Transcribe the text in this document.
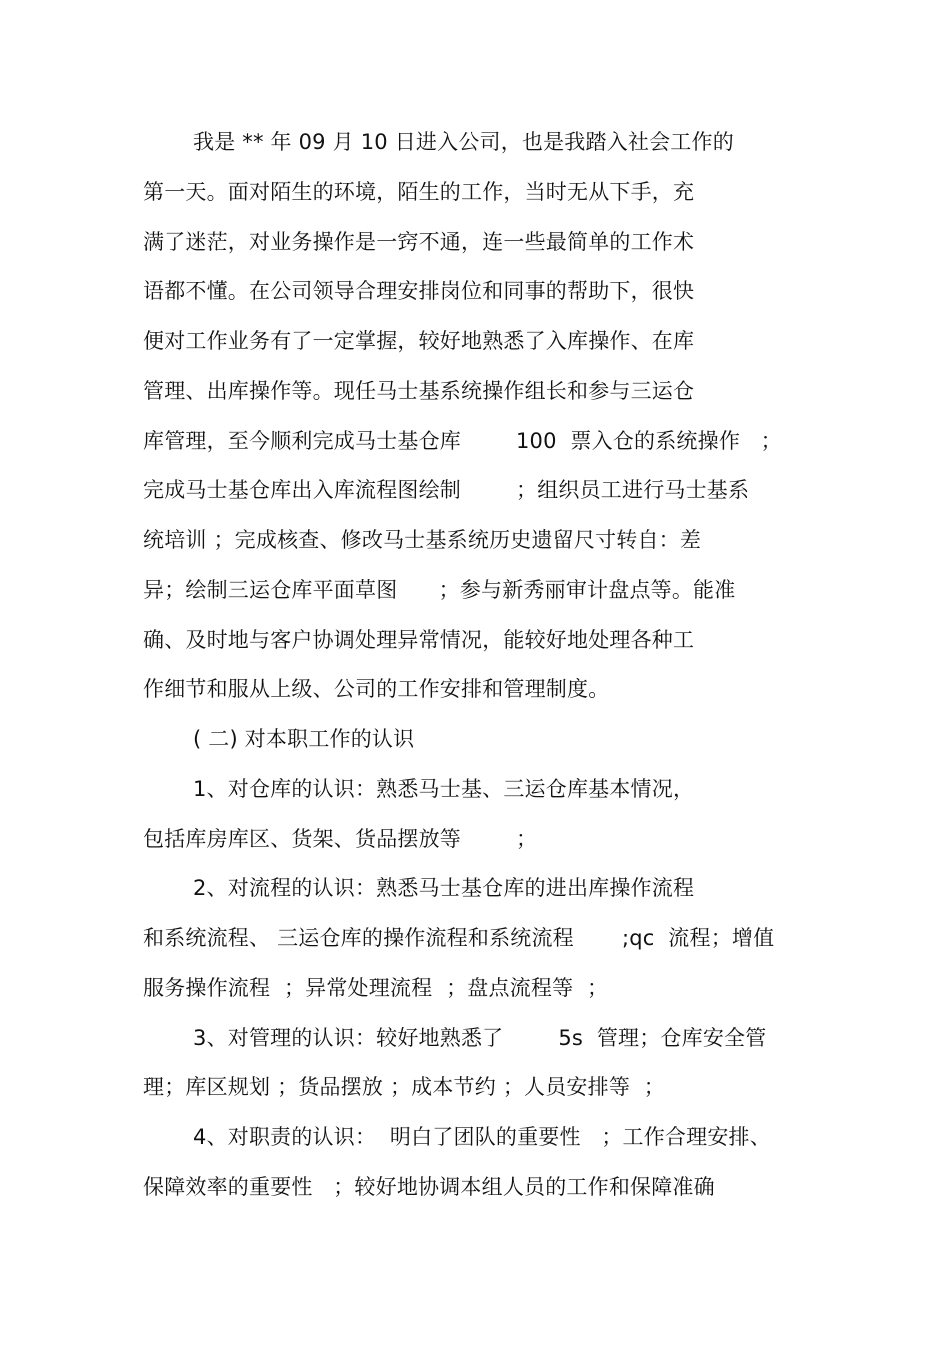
我是 ** 年 09 月 10 日进入公司，也是我踏入社会工作的
第一天。面对陌生的环境，陌生的工作，当时无从下手，充
满了迷茫，对业务操作是一窍不通，连一些最简单的工作术
语都不懂。在公司领导合理安排岗位和同事的帮助下，很快
便对工作业务有了一定掌握，较好地熟悉了入库操作、在库
管理、出库操作等。现任马士基系统操作组长和参与三运仓
库管理，至今顺利完成马士基仓库        100  票入仓的系统操作   ；
完成马士基仓库出入库流程图绘制        ；组织员工进行马士基系
统培训 ；完成核查、修改马士基系统历史遗留尺寸转自：差
异；绘制三运仓库平面草图      ；参与新秀丽审计盘点等。能准
确、及时地与客户协调处理异常情况，能较好地处理各种工
作细节和服从上级、公司的工作安排和管理制度。
( 二) 对本职工作的认识
1、对仓库的认识：熟悉马士基、三运仓库基本情况，
包括库房库区、货架、货品摆放等        ；
2、对流程的认识：熟悉马士基仓库的进出库操作流程
和系统流程、 三运仓库的操作流程和系统流程       ;qc  流程；增值
服务操作流程  ；异常处理流程  ；盘点流程等  ；
3、对管理的认识：较好地熟悉了        5s  管理；仓库安全管
理；库区规划 ；货品摆放 ；成本节约 ；人员安排等  ；
4、对职责的认识：  明白了团队的重要性   ；工作合理安排、
保障效率的重要性   ；较好地协调本组人员的工作和保障准确
